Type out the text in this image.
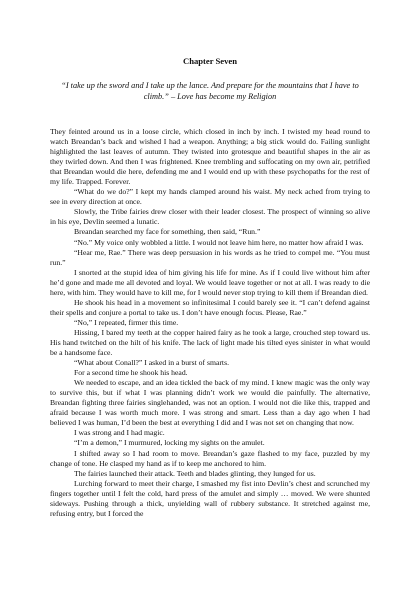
Chapter Seven
“I take up the sword and I take up the lance. And prepare for the mountains that I have to climb.” – Love has become my Religion

They feinted around us in a loose circle, which closed in inch by inch. I twisted my head round to watch Breandan’s back and wished I had a weapon. Anything; a big stick would do. Failing sunlight highlighted the last leaves of autumn. They twisted into grotesque and beautiful shapes in the air as they twirled down. And then I was frightened. Knee trembling and suffocating on my own air, petrified that Breandan would die here, defending me and I would end up with these psychopaths for the rest of my life. Trapped. Forever.

“What do we do?” I kept my hands clamped around his waist. My neck ached from trying to see in every direction at once.

Slowly, the Tribe fairies drew closer with their leader closest. The prospect of winning so alive in his eye, Devlin seemed a lunatic.

Breandan searched my face for something, then said, “Run.”

“No.” My voice only wobbled a little. I would not leave him here, no matter how afraid I was.

“Hear me, Rae.” There was deep persuasion in his words as he tried to compel me. “You must run.”

I snorted at the stupid idea of him giving his life for mine. As if I could live without him after he’d gone and made me all devoted and loyal. We would leave together or not at all. I was ready to die here, with him. They would have to kill me, for I would never stop trying to kill them if Breandan died.

He shook his head in a movement so infinitesimal I could barely see it. “I can’t defend against their spells and conjure a portal to take us. I don’t have enough focus. Please, Rae.”

“No,” I repeated, firmer this time.

Hissing, I bared my teeth at the copper haired fairy as he took a large, crouched step toward us. His hand twitched on the hilt of his knife. The lack of light made his tilted eyes sinister in what would be a handsome face.

“What about Conall?” I asked in a burst of smarts.

For a second time he shook his head.

We needed to escape, and an idea tickled the back of my mind. I knew magic was the only way to survive this, but if what I was planning didn’t work we would die painfully. The alternative, Breandan fighting three fairies singlehanded, was not an option. I would not die like this, trapped and afraid because I was worth much more. I was strong and smart. Less than a day ago when I had believed I was human, I’d been the best at everything I did and I was not set on changing that now.

I was strong and I had magic.

“I’m a demon,” I murmured, locking my sights on the amulet.

I shifted away so I had room to move. Breandan’s gaze flashed to my face, puzzled by my change of tone. He clasped my hand as if to keep me anchored to him.

The fairies launched their attack. Teeth and blades glinting, they lunged for us.

Lurching forward to meet their charge, I smashed my fist into Devlin’s chest and scrunched my fingers together until I felt the cold, hard press of the amulet and simply … moved. We were shunted sideways. Pushing through a thick, unyielding wall of rubbery substance. It stretched against me, refusing entry, but I forced the
